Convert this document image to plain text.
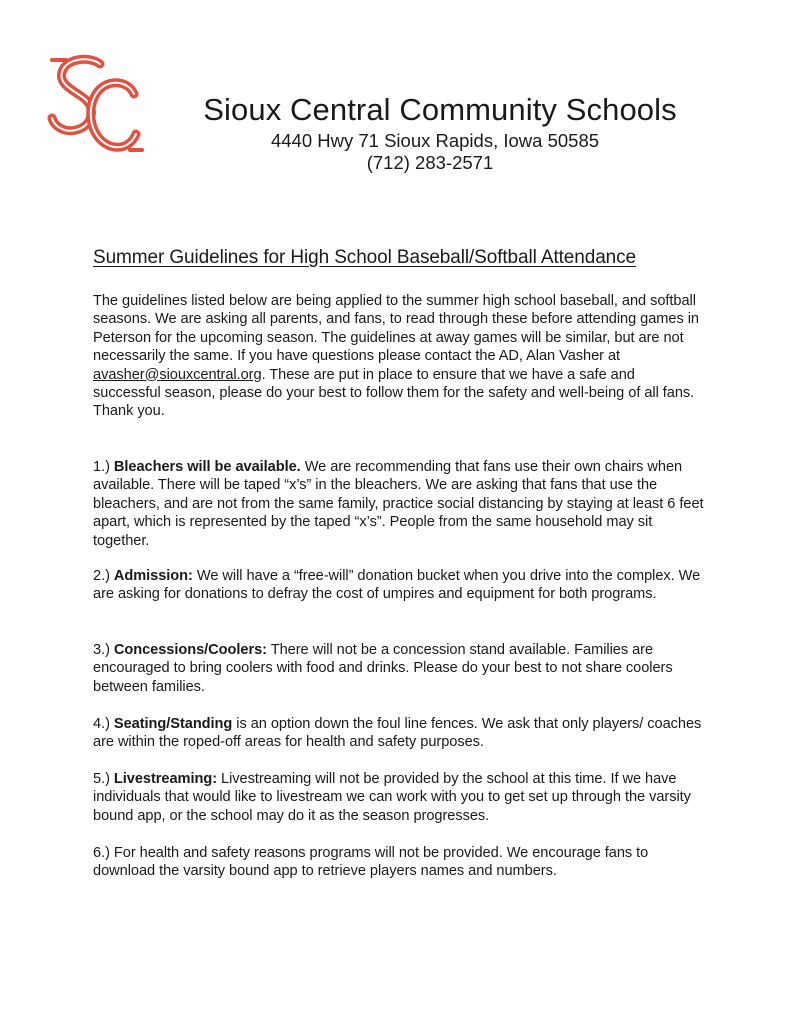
Sioux Central Community Schools

4440 Hwy 71 Sioux Rapids, Iowa 50585

(712) 283-2571

Summer Guidelines for High School Baseball/Softball Attendance

The guidelines listed below are being applied to the summer high school baseball, and softball seasons. We are asking all parents, and fans, to read through these before attending games in Peterson for the upcoming season. The guidelines at away games will be similar, but are not necessarily the same. If you have questions please contact the AD, Alan Vasher at avasher@siouxcentral.org. These are put in place to ensure that we have a safe and successful season, please do your best to follow them for the safety and well-being of all fans. Thank you.

1.) Bleachers will be available. We are recommending that fans use their own chairs when available. There will be taped “x’s” in the bleachers. We are asking that fans that use the bleachers, and are not from the same family, practice social distancing by staying at least 6 feet apart, which is represented by the taped “x’s”. People from the same household may sit together.

2.) Admission: We will have a “free-will” donation bucket when you drive into the complex. We are asking for donations to defray the cost of umpires and equipment for both programs.

3.) Concessions/Coolers: There will not be a concession stand available. Families are encouraged to bring coolers with food and drinks. Please do your best to not share coolers between families.

4.) Seating/Standing is an option down the foul line fences. We ask that only players/ coaches are within the roped-off areas for health and safety purposes.

5.) Livestreaming: Livestreaming will not be provided by the school at this time. If we have individuals that would like to livestream we can work with you to get set up through the varsity bound app, or the school may do it as the season progresses.

6.) For health and safety reasons programs will not be provided. We encourage fans to download the varsity bound app to retrieve players names and numbers.
